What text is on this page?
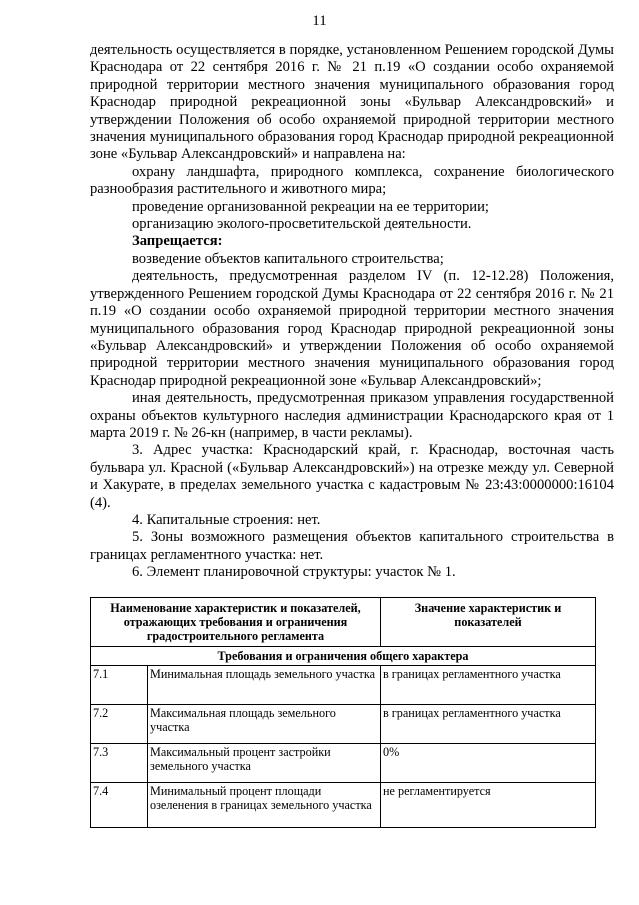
11

деятельность осуществляется в порядке, установленном Решением городской Думы Краснодара от 22 сентября 2016 г. № 21 п.19 «О создании особо охраняемой природной территории местного значения муниципального образования город Краснодар природной рекреационной зоны «Бульвар Александровский» и утверждении Положения об особо охраняемой природной территории местного значения муниципального образования город Краснодар природной рекреационной зоне «Бульвар Александровский» и направлена на:

охрану ландшафта, природного комплекса, сохранение биологического разнообразия растительного и животного мира;

проведение организованной рекреации на ее территории;

организацию эколого-просветительской деятельности.

Запрещается:

возведение объектов капитального строительства;

деятельность, предусмотренная разделом IV (п. 12-12.28) Положения, утвержденного Решением городской Думы Краснодара от 22 сентября 2016 г. № 21 п.19 «О создании особо охраняемой природной территории местного значения муниципального образования город Краснодар природной рекреационной зоны «Бульвар Александровский» и утверждении Положения об особо охраняемой природной территории местного значения муниципального образования город Краснодар природной рекреационной зоне «Бульвар Александровский»;

иная деятельность, предусмотренная приказом управления государственной охраны объектов культурного наследия администрации Краснодарского края от 1 марта 2019 г. № 26-кн (например, в части рекламы).

3. Адрес участка: Краснодарский край, г. Краснодар, восточная часть бульвара ул. Красной («Бульвар Александровский») на отрезке между ул. Северной и Хакурате, в пределах земельного участка с кадастровым № 23:43:0000000:16104 (4).

4. Капитальные строения: нет.

5. Зоны возможного размещения объектов капитального строительства в границах регламентного участка: нет.

6. Элемент планировочной структуры: участок № 1.

Наименование характеристик и показателей, отражающих требования и ограничения градостроительного регламента		Значение характеристик и показателей
Требования и ограничения общего характера		
7.1	Минимальная площадь земельного участка	в границах регламентного участка
7.2	Максимальная площадь земельного участка	в границах регламентного участка
7.3	Максимальный процент застройки земельного участка	0%
7.4	Минимальный процент площади озеленения в границах земельного участка	не регламентируется
